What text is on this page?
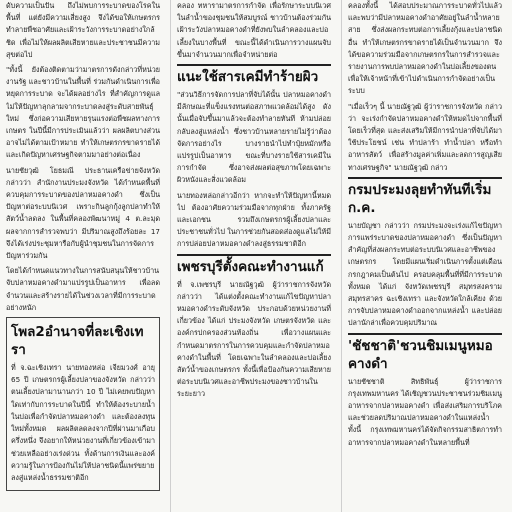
ดับความเป็นปัน ถึงไม่พบการระบาดของโรคในพื้นที่ แต่ยังมีความเสี่ยงสูง จึงได้ขอให้เกษตรกรทำลายพืชอาศัยและเฝ้าระวังการระบาดอย่างใกล้ชิด เพื่อไม่ให้ผลผลิตเสียหายและประชาชนมีความสุขต่อไป

"ทั้งนี้ ยังต้องติดตามว่ามาตรการดังกล่าวที่หน่วยงานรัฐ และชาวบ้านในพื้นที่ ร่วมกันดำเนินการเพื่อหยุดการระบาด จะได้ผลอย่างไร ที่สำคัญการดูแลไม่ให้ปัญหาลุกลามจากระบาดลงสู่ระดับสายพันธุ์ใหม่ ซึ่งก่อความเสียหายรุนแรงต่อพืชผลทางการเกษตร ในปีนี้มีการประเมินแล้วว่า ผลผลิตบางส่วนอาจไม่ได้ตามเป้าหมาย ทำให้เกษตรกรขาดรายได้และเกิดปัญหาเศรษฐกิจตามมาอย่างต่อเนื่อง

นายชัยวุฒิ โยธมณี ประธานเครือข่ายจังหวัด กล่าวว่า สำนักงานประมงจังหวัด ได้กำหนดพื้นที่ควบคุมการระบาดของปลาหมอคางดำ ซึ่งเป็นปัญหาต่อระบบนิเวศ เพราะกินลูกกุ้งลูกปลาทำให้สัตว์น้ำลดลง ในพื้นที่คลองพัฒนาหมู่ 4 ต.ละมุด ผลจากการสำรวจพบว่า มีปริมาณสูงถึงร้อยละ 17 จึงได้เร่งประชุมหารือกับผู้นำชุมชนในการจัดการปัญหาร่วมกัน

โดยได้กำหนดแนวทางในการสนับสนุนให้ชาวบ้านจับปลาหมอคางดำมาแปรรูปเป็นอาหาร เพื่อลดจำนวนและสร้างรายได้ในช่วงเวลาที่มีการระบาดอย่างหนัก

โพล2อำนาจที่ละเชิงเทรา

ที่ จ.ฉะเชิงเทรา นายทองหล่อ เจียมวงศ์ อายุ 65 ปี เกษตรกรผู้เลี้ยงปลาของจังหวัด กล่าวว่า ตนเลี้ยงปลามานานกว่า 10 ปี ไม่เคยพบปัญหาใดเท่ากับการระบาดในปีนี้ ทำให้ต้องระบายน้ำในบ่อเพื่อกำจัดปลาหมอคางดำ และต้องลงทุนใหม่ทั้งหมด ผลผลิตลดลงจากปีที่ผ่านมาเกือบครึ่งหนึ่ง จึงอยากให้หน่วยงานที่เกี่ยวข้องเข้ามาช่วยเหลืออย่างเร่งด่วน ทั้งด้านการเงินและองค์ความรู้ในการป้องกันไม่ให้ปลาชนิดนี้แพร่ขยายลงสู่แหล่งน้ำธรรมชาติอีก

คลอง ทหารามาตรการกำจัด เพื่อรักษาระบบนิเวศในลำน้ำของชุมชนให้สมบูรณ์ ชาวบ้านต้องร่วมกันเฝ้าระวังปลาหมอคางดำที่ยังพบในลำคลองและบ่อเลี้ยงในบางพื้นที่ ขณะนี้ได้ดำเนินการวางแผนจับขึ้นมาจำนวนมากเพื่อจำหน่ายต่อ

แนะใช้สารเคมีทำร้ายผิว

"ส่วนวิธีการจัดการปลาที่จับได้นั้น ปลาหมอคางดำมีลักษณะที่แข็งแรงทนต่อสภาพแวดล้อมได้สูง ดังนั้นเมื่อจับขึ้นมาแล้วจะต้องทำลายทันที ห้ามปล่อยกลับลงสู่แหล่งน้ำ ซึ่งชาวบ้านหลายรายไม่รู้ว่าต้องจัดการอย่างไร บางรายนำไปทำปุ๋ยหมักหรือแปรรูปเป็นอาหาร ขณะที่บางรายใช้สารเคมีในการกำจัด ซึ่งอาจส่งผลต่อสุขภาพโดยเฉพาะผิวหนังและสิ่งแวดล้อม

นายทองหล่อกล่าวอีกว่า หากจะทำให้ปัญหานี้หมดไป ต้องอาศัยความร่วมมือจากทุกฝ่าย ทั้งภาครัฐและเอกชน รวมถึงเกษตรกรผู้เลี้ยงปลาและประชาชนทั่วไป ในการช่วยกันสอดส่องดูแลไม่ให้มีการปล่อยปลาหมอคางดำลงสู่ธรรมชาติอีก

เพชรบุรีตั้งคณะทำงานแก้

ที่ จ.เพชรบุรี นายณัฐวุฒิ ผู้ว่าราชการจังหวัด กล่าวว่า ได้แต่งตั้งคณะทำงานแก้ไขปัญหาปลาหมอคางดำระดับจังหวัด ประกอบด้วยหน่วยงานที่เกี่ยวข้อง ได้แก่ ประมงจังหวัด เกษตรจังหวัด และองค์กรปกครองส่วนท้องถิ่น เพื่อวางแผนและกำหนดมาตรการในการควบคุมและกำจัดปลาหมอคางดำในพื้นที่ โดยเฉพาะในลำคลองและบ่อเลี้ยงสัตว์น้ำของเกษตรกร ทั้งนี้เพื่อป้องกันความเสียหายต่อระบบนิเวศและอาชีพประมงของชาวบ้านในระยะยาว

คลองทั้งนี้ ได้สอบประมาณการระบาดทั่วไปแล้ว และพบว่ามีปลาหมอคางดำอาศัยอยู่ในลำน้ำหลายสาย ซึ่งส่งผลกระทบต่อการเลี้ยงกุ้งและปลาชนิดอื่น ทำให้เกษตรกรขาดรายได้เป็นจำนวนมาก จึงได้ขอความร่วมมือจากเกษตรกรในการสำรวจและรายงานการพบปลาหมอคางดำในบ่อเลี้ยงของตน เพื่อให้เจ้าหน้าที่เข้าไปดำเนินการกำจัดอย่างเป็นระบบ

"เมื่อเร็วๆ นี้ นายณัฐวุฒิ ผู้ว่าราชการจังหวัด กล่าวว่า จะเร่งกำจัดปลาหมอคางดำให้หมดไปจากพื้นที่โดยเร็วที่สุด และส่งเสริมให้มีการนำปลาที่จับได้มาใช้ประโยชน์ เช่น ทำปลาร้า ทำน้ำปลา หรือทำอาหารสัตว์ เพื่อสร้างมูลค่าเพิ่มและลดการสูญเสียทางเศรษฐกิจ" นายณัฐวุฒิ กล่าว

กรมประมงลุยทำทันทีเริ่มก.ค.

นายบัญชา กล่าวว่า กรมประมงจะเร่งแก้ไขปัญหาการแพร่ระบาดของปลาหมอคางดำ ซึ่งเป็นปัญหาสำคัญที่ส่งผลกระทบต่อระบบนิเวศและอาชีพของเกษตรกร โดยมีแผนเริ่มดำเนินการตั้งแต่เดือนกรกฎาคมเป็นต้นไป ครอบคลุมพื้นที่ที่มีการระบาดทั้งหมด ได้แก่ จังหวัดเพชรบุรี สมุทรสงคราม สมุทรสาคร ฉะเชิงเทรา และจังหวัดใกล้เคียง ด้วยการจับปลาหมอคางดำออกจากแหล่งน้ำ และปล่อยปลานักล่าเพื่อควบคุมปริมาณ

'ชัชชาติ'ชวนชิมเมนูหมอคางดำ

นายชัชชาติ สิทธิพันธุ์ ผู้ว่าราชการกรุงเทพมหานคร ได้เชิญชวนประชาชนร่วมชิมเมนูอาหารจากปลาหมอคางดำ เพื่อส่งเสริมการบริโภคและช่วยลดปริมาณปลาหมอคางดำในแหล่งน้ำ ทั้งนี้ กรุงเทพมหานครได้จัดกิจกรรมสาธิตการทำอาหารจากปลาหมอคางดำในหลายพื้นที่
